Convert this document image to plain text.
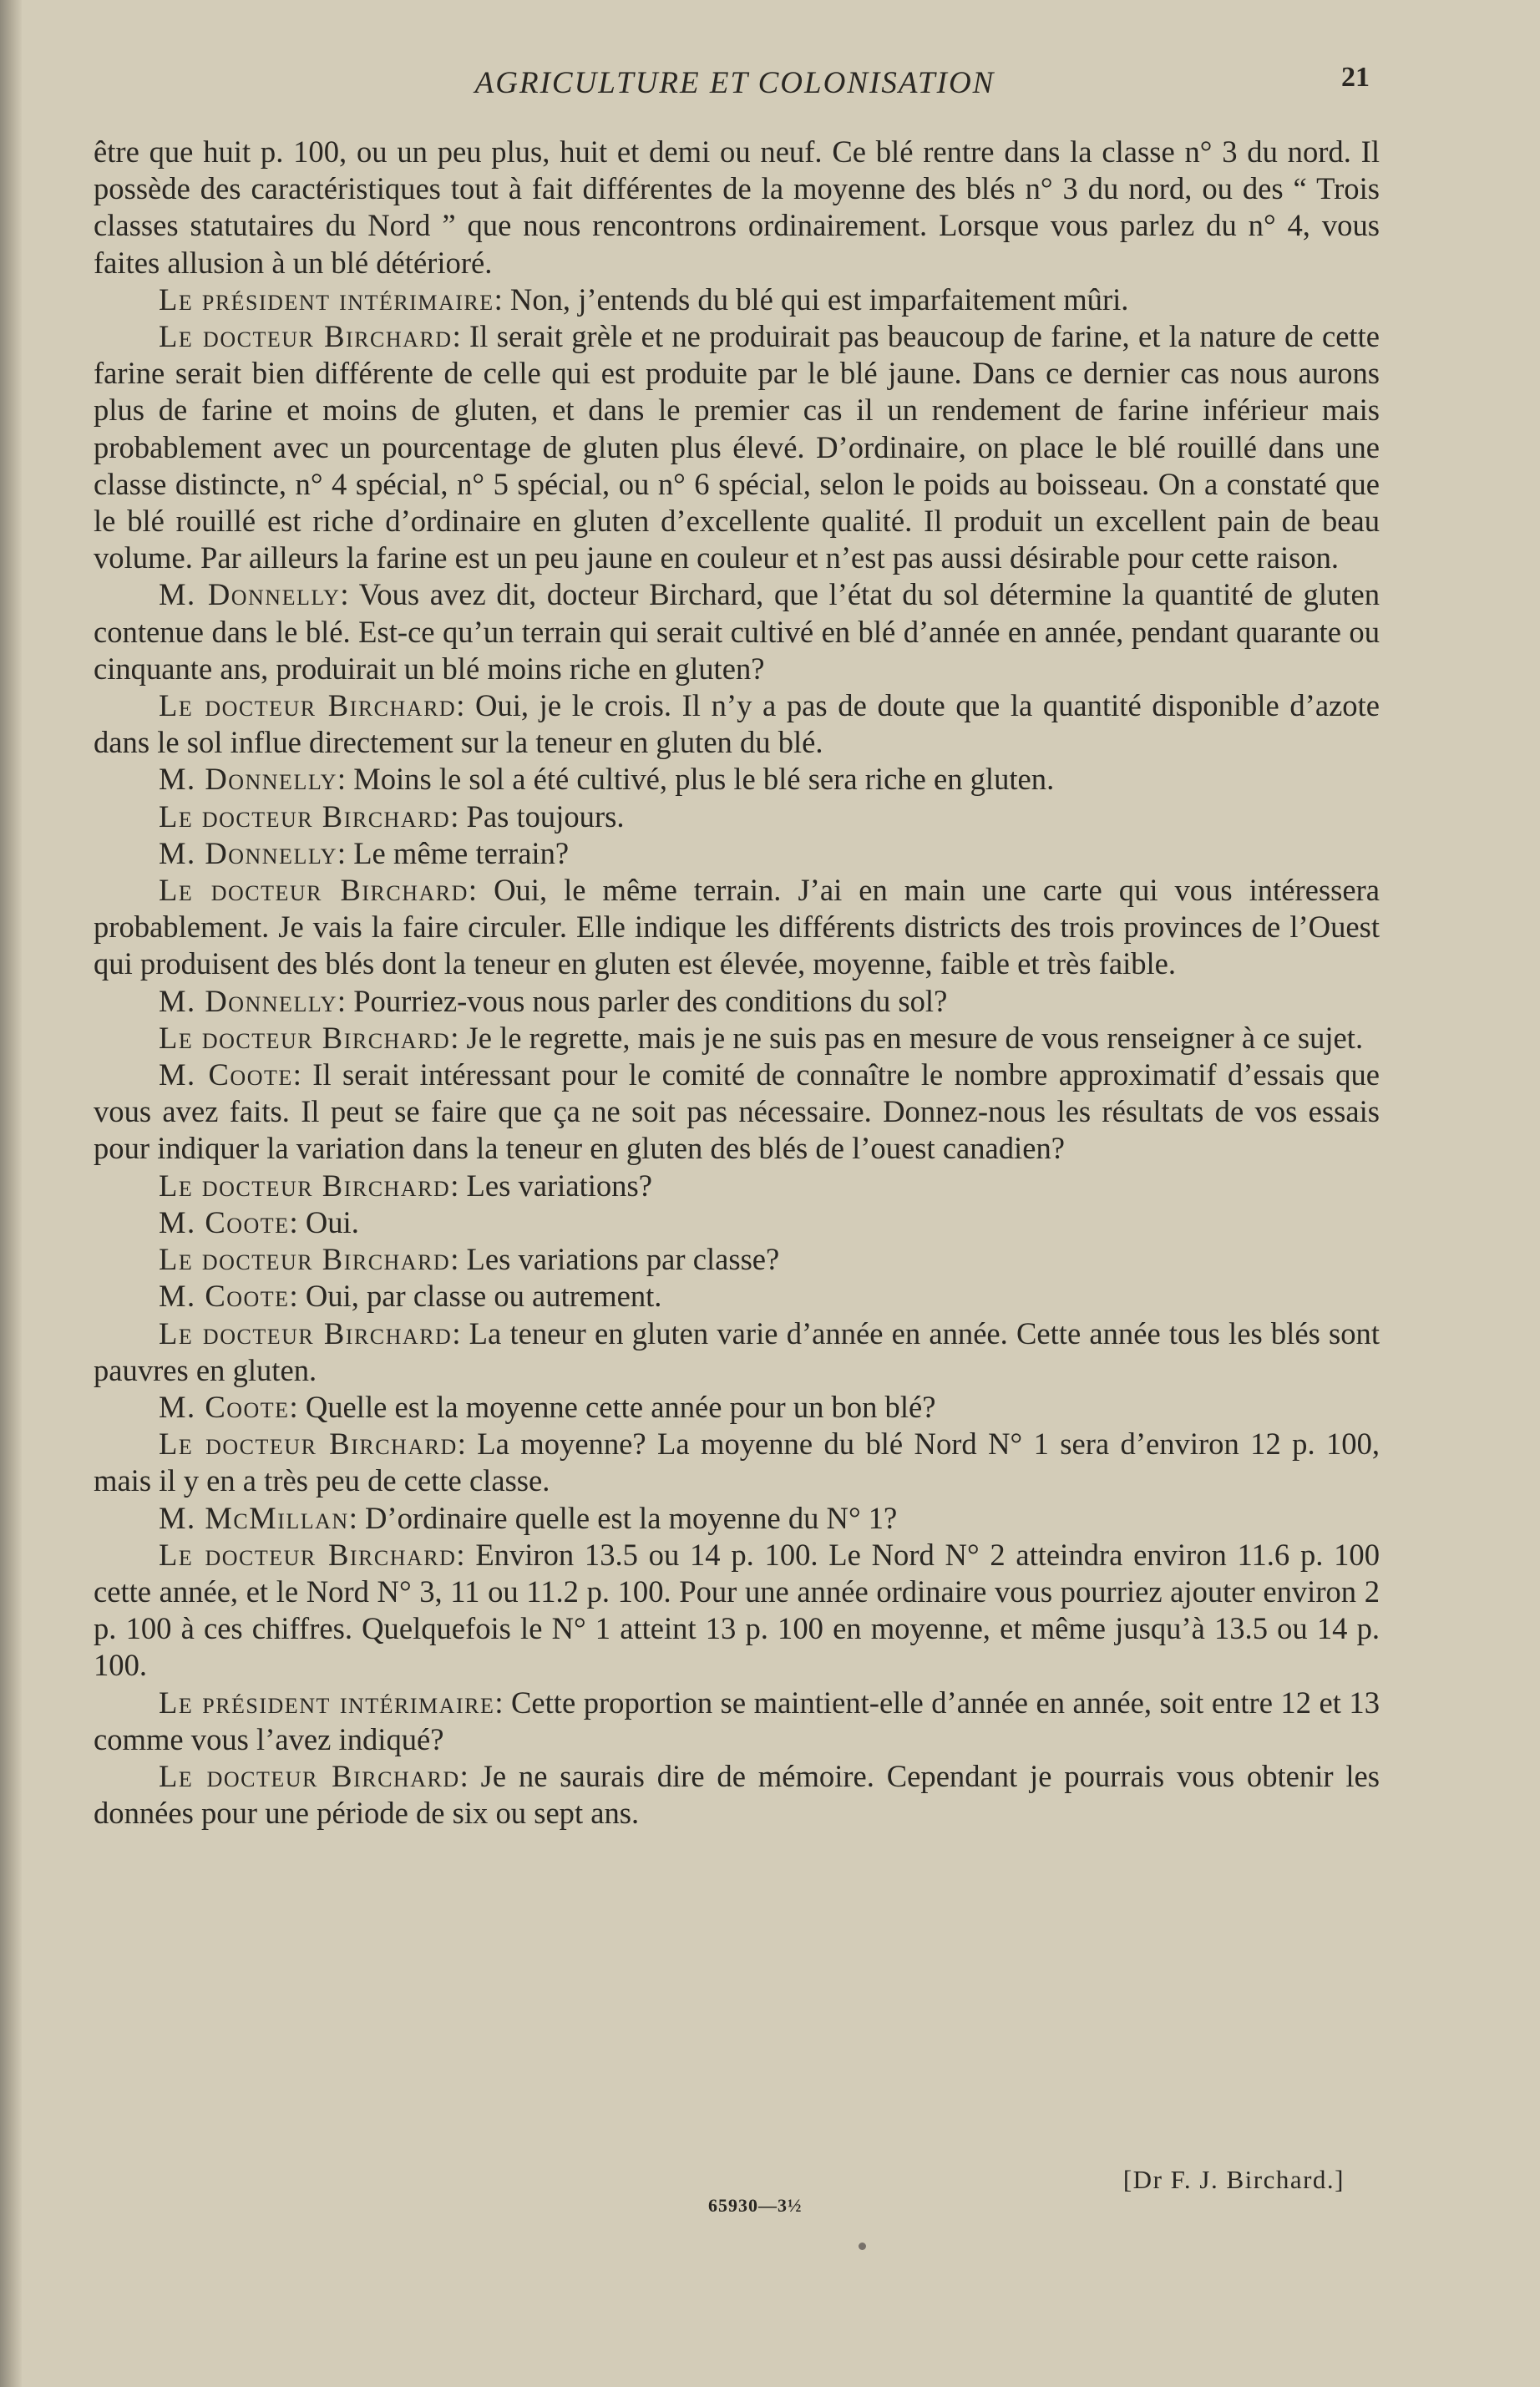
AGRICULTURE ET COLONISATION	21

être que huit p. 100, ou un peu plus, huit et demi ou neuf. Ce blé rentre dans la classe n° 3 du nord. Il possède des caractéristiques tout à fait différentes de la moyenne des blés n° 3 du nord, ou des “ Trois classes statutaires du Nord ” que nous rencontrons ordinairement. Lorsque vous parlez du n° 4, vous faites allusion à un blé détérioré.

Le président intérimaire: Non, j’entends du blé qui est imparfaitement mûri.

Le docteur Birchard: Il serait grèle et ne produirait pas beaucoup de farine, et la nature de cette farine serait bien différente de celle qui est produite par le blé jaune. Dans ce dernier cas nous aurons plus de farine et moins de gluten, et dans le premier cas il un rendement de farine inférieur mais probablement avec un pourcentage de gluten plus élevé. D’ordinaire, on place le blé rouillé dans une classe distincte, n° 4 spécial, n° 5 spécial, ou n° 6 spécial, selon le poids au boisseau. On a constaté que le blé rouillé est riche d’ordinaire en gluten d’excellente qualité. Il produit un excellent pain de beau volume. Par ailleurs la farine est un peu jaune en couleur et n’est pas aussi désirable pour cette raison.

M. Donnelly: Vous avez dit, docteur Birchard, que l’état du sol détermine la quantité de gluten contenue dans le blé. Est-ce qu’un terrain qui serait cultivé en blé d’année en année, pendant quarante ou cinquante ans, produirait un blé moins riche en gluten?

Le docteur Birchard: Oui, je le crois. Il n’y a pas de doute que la quantité disponible d’azote dans le sol influe directement sur la teneur en gluten du blé.

M. Donnelly: Moins le sol a été cultivé, plus le blé sera riche en gluten.

Le docteur Birchard: Pas toujours.

M. Donnelly: Le même terrain?

Le docteur Birchard: Oui, le même terrain. J’ai en main une carte qui vous intéressera probablement. Je vais la faire circuler. Elle indique les différents districts des trois provinces de l’Ouest qui produisent des blés dont la teneur en gluten est élevée, moyenne, faible et très faible.

M. Donnelly: Pourriez-vous nous parler des conditions du sol?

Le docteur Birchard: Je le regrette, mais je ne suis pas en mesure de vous renseigner à ce sujet.

M. Coote: Il serait intéressant pour le comité de connaître le nombre approximatif d’essais que vous avez faits. Il peut se faire que ça ne soit pas nécessaire. Donnez-nous les résultats de vos essais pour indiquer la variation dans la teneur en gluten des blés de l’ouest canadien?

Le docteur Birchard: Les variations?

M. Coote: Oui.

Le docteur Birchard: Les variations par classe?

M. Coote: Oui, par classe ou autrement.

Le docteur Birchard: La teneur en gluten varie d’année en année. Cette année tous les blés sont pauvres en gluten.

M. Coote: Quelle est la moyenne cette année pour un bon blé?

Le docteur Birchard: La moyenne? La moyenne du blé Nord N° 1 sera d’environ 12 p. 100, mais il y en a très peu de cette classe.

M. McMillan: D’ordinaire quelle est la moyenne du N° 1?

Le docteur Birchard: Environ 13.5 ou 14 p. 100. Le Nord N° 2 atteindra environ 11.6 p. 100 cette année, et le Nord N° 3, 11 ou 11.2 p. 100. Pour une année ordinaire vous pourriez ajouter environ 2 p. 100 à ces chiffres. Quelquefois le N° 1 atteint 13 p. 100 en moyenne, et même jusqu’à 13.5 ou 14 p. 100.

Le président intérimaire: Cette proportion se maintient-elle d’année en année, soit entre 12 et 13 comme vous l’avez indiqué?

Le docteur Birchard: Je ne saurais dire de mémoire. Cependant je pourrais vous obtenir les données pour une période de six ou sept ans.

[Dr F. J. Birchard.]
65930—3½
